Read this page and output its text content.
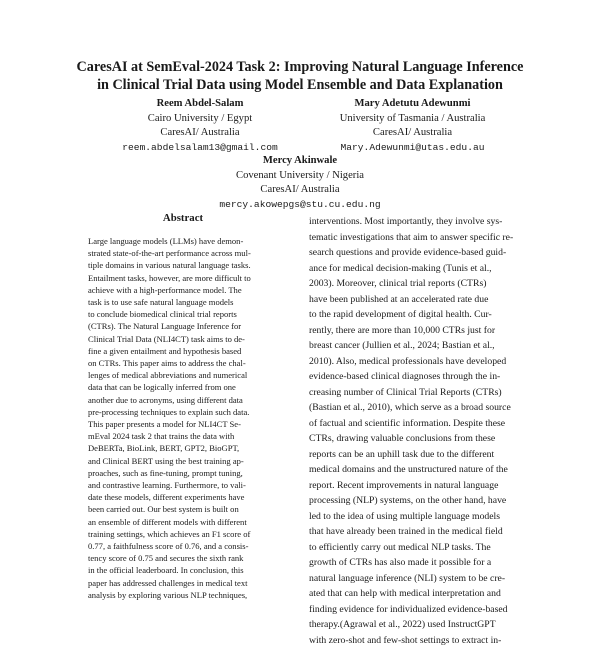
CaresAI at SemEval-2024 Task 2: Improving Natural Language Inference
in Clinical Trial Data using Model Ensemble and Data Explanation
Reem Abdel-Salam
Cairo University / Egypt
CaresAI/ Australia
reem.abdelsalam13@gmail.com
Mary Adetutu Adewunmi
University of Tasmania / Australia
CaresAI/ Australia
Mary.Adewunmi@utas.edu.au
Mercy Akinwale
Covenant University / Nigeria
CaresAI/ Australia
mercy.akowepgs@stu.cu.edu.ng
Abstract
Large language models (LLMs) have demon-
strated state-of-the-art performance across mul-
tiple domains in various natural language tasks.
Entailment tasks, however, are more difficult to
achieve with a high-performance model. The
task is to use safe natural language models
to conclude biomedical clinical trial reports
(CTRs). The Natural Language Inference for
Clinical Trial Data (NLI4CT) task aims to de-
fine a given entailment and hypothesis based
on CTRs. This paper aims to address the chal-
lenges of medical abbreviations and numerical
data that can be logically inferred from one
another due to acronyms, using different data
pre-processing techniques to explain such data.
This paper presents a model for NLI4CT Se-
mEval 2024 task 2 that trains the data with
DeBERTa, BioLink, BERT, GPT2, BioGPT,
and Clinical BERT using the best training ap-
proaches, such as fine-tuning, prompt tuning,
and contrastive learning. Furthermore, to vali-
date these models, different experiments have
been carried out. Our best system is built on
an ensemble of different models with different
training settings, which achieves an F1 score of
0.77, a faithfulness score of 0.76, and a consis-
tency score of 0.75 and secures the sixth rank
in the official leaderboard. In conclusion, this
paper has addressed challenges in medical text
analysis by exploring various NLP techniques,
interventions. Most importantly, they involve sys-
tematic investigations that aim to answer specific re-
search questions and provide evidence-based guid-
ance for medical decision-making (Tunis et al.,
2003). Moreover, clinical trial reports (CTRs)
have been published at an accelerated rate due
to the rapid development of digital health. Cur-
rently, there are more than 10,000 CTRs just for
breast cancer (Jullien et al., 2024; Bastian et al.,
2010). Also, medical professionals have developed
evidence-based clinical diagnoses through the in-
creasing number of Clinical Trial Reports (CTRs)
(Bastian et al., 2010), which serve as a broad source
of factual and scientific information. Despite these
CTRs, drawing valuable conclusions from these
reports can be an uphill task due to the different
medical domains and the unstructured nature of the
report. Recent improvements in natural language
processing (NLP) systems, on the other hand, have
led to the idea of using multiple language models
that have already been trained in the medical field
to efficiently carry out medical NLP tasks. The
growth of CTRs has also made it possible for a
natural language inference (NLI) system to be cre-
ated that can help with medical interpretation and
finding evidence for individualized evidence-based
therapy.(Agrawal et al., 2022) used InstructGPT
with zero-shot and few-shot settings to extract in-
